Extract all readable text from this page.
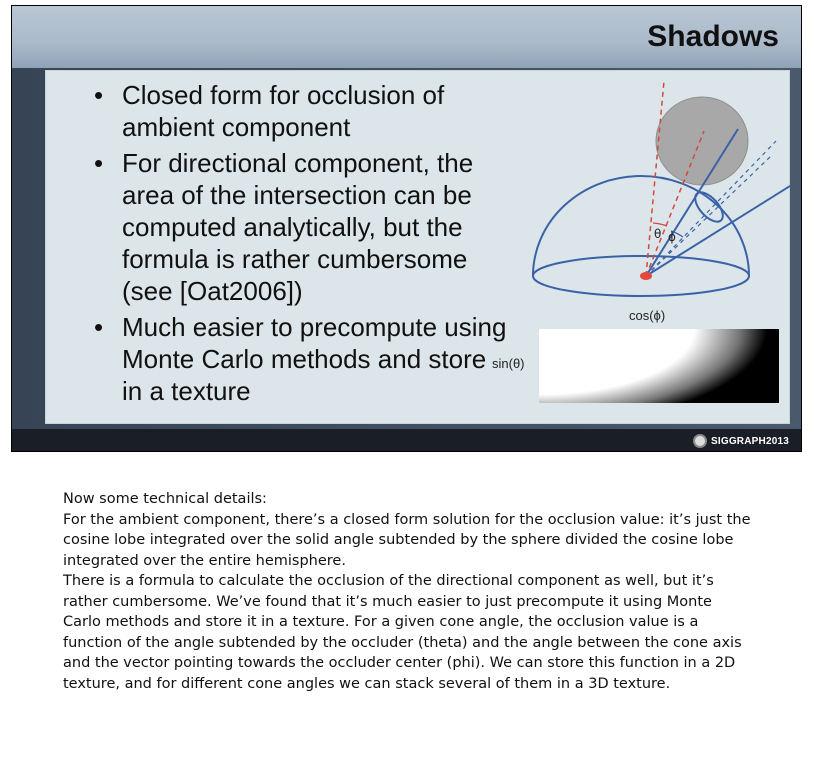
Shadows
• Closed form for occlusion of ambient component
• For directional component, the area of the intersection can be computed analytically, but the formula is rather cumbersome (see [Oat2006])
• Much easier to precompute using Monte Carlo methods and store in a texture
θ ϕ
cos(ϕ)
sin(θ)
SIGGRAPH2013

Now some technical details:

For the ambient component, there’s a closed form solution for the occlusion value: it’s just the cosine lobe integrated over the solid angle subtended by the sphere divided the cosine lobe integrated over the entire hemisphere.

There is a formula to calculate the occlusion of the directional component as well, but it’s rather cumbersome. We’ve found that it’s much easier to just precompute it using Monte Carlo methods and store it in a texture. For a given cone angle, the occlusion value is a function of the angle subtended by the occluder (theta) and the angle between the cone axis and the vector pointing towards the occluder center (phi). We can store this function in a 2D texture, and for different cone angles we can stack several of them in a 3D texture.
